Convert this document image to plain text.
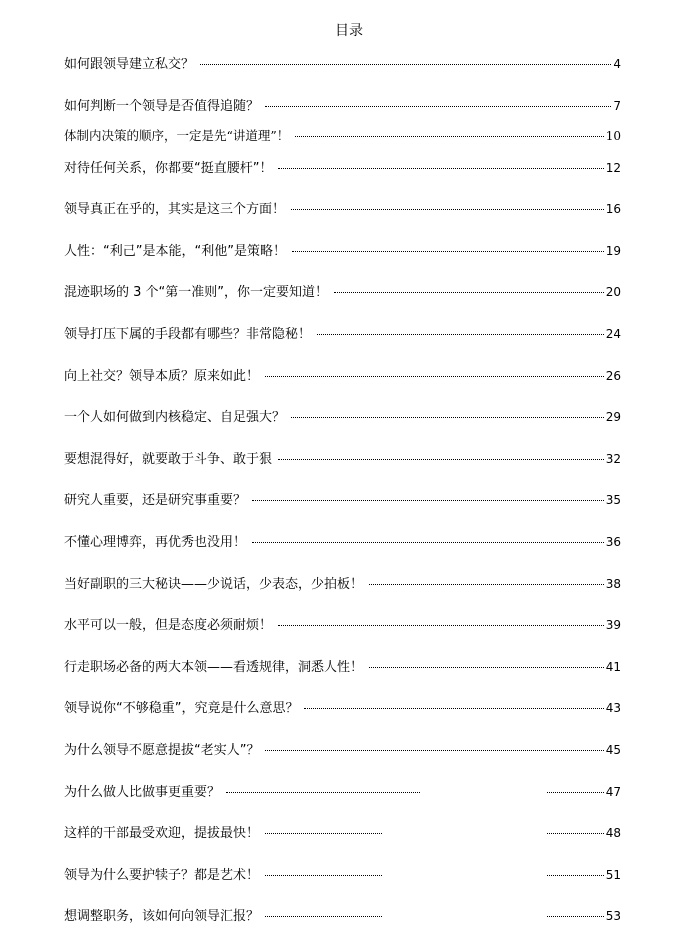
目录
如何跟领导建立私交？	4
如何判断一个领导是否值得追随？	7
体制内决策的顺序，一定是先“讲道理”！	10
对待任何关系，你都要“挺直腰杆”！	12
领导真正在乎的，其实是这三个方面！	16
人性：“利己”是本能，“利他”是策略！	19
混迹职场的 3 个“第一准则”，你一定要知道！	20
领导打压下属的手段都有哪些？非常隐秘！	24
向上社交？领导本质？原来如此！	26
一个人如何做到内核稳定、自足强大？	29
要想混得好，就要敢于斗争、敢于狠	32
研究人重要，还是研究事重要？	35
不懂心理博弈，再优秀也没用！	36
当好副职的三大秘诀——少说话，少表态，少拍板！	38
水平可以一般，但是态度必须耐烦！	39
行走职场必备的两大本领——看透规律，洞悉人性！	41
领导说你“不够稳重”，究竟是什么意思？	43
为什么领导不愿意提拔“老实人”？	45
为什么做人比做事更重要？	47
这样的干部最受欢迎，提拔最快！	48
领导为什么要护犊子？都是艺术！	51
想调整职务，该如何向领导汇报？	53
